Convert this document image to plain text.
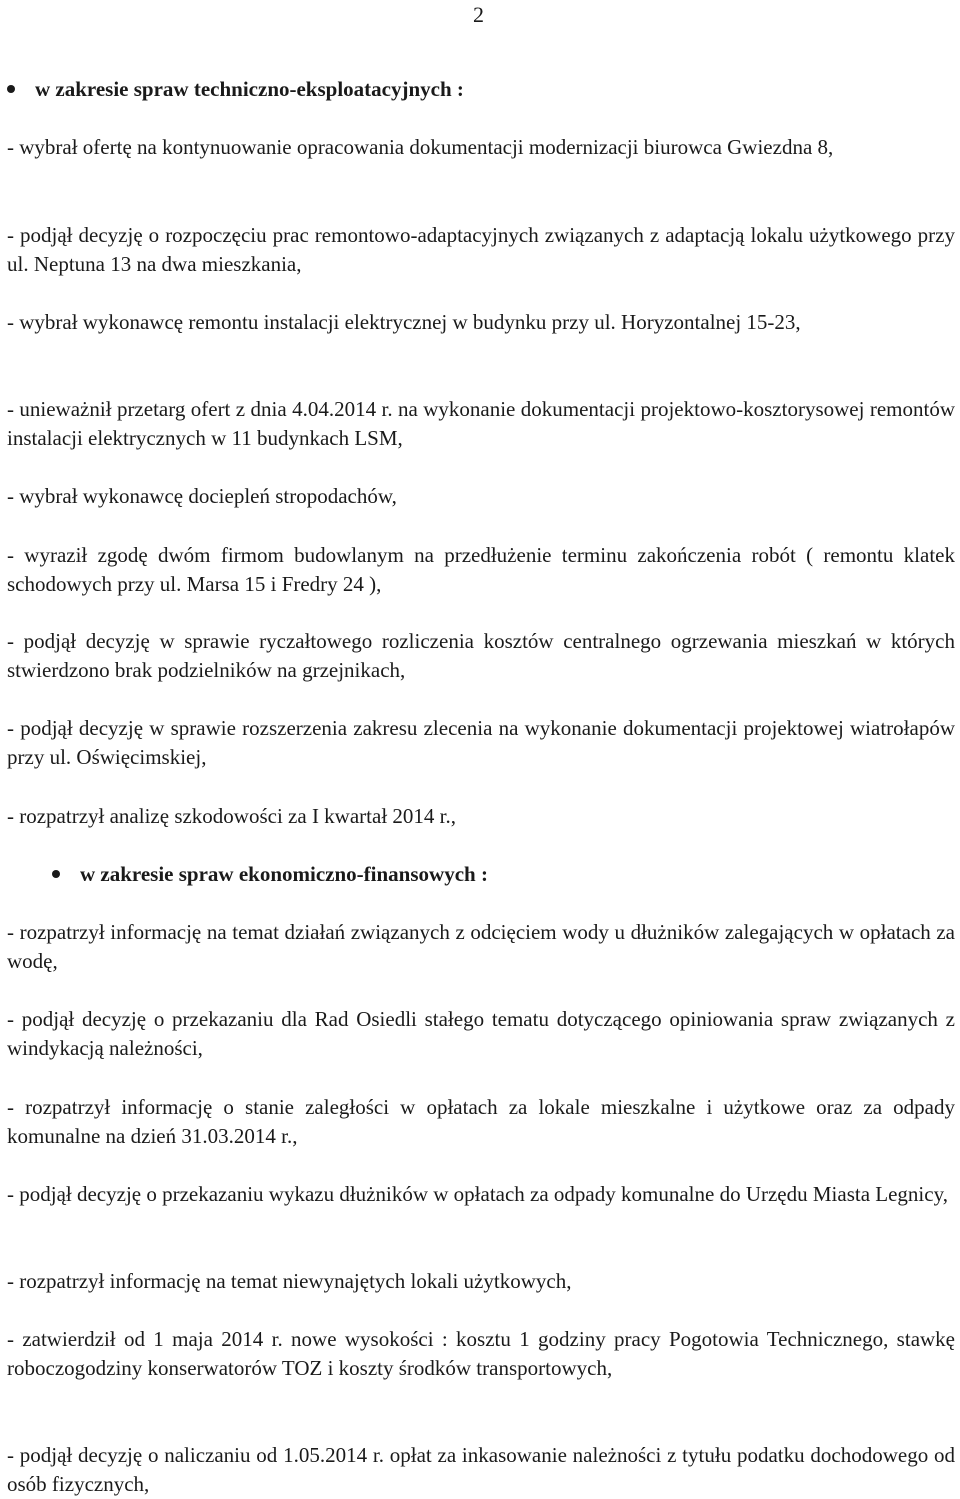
2
w zakresie spraw techniczno-eksploatacyjnych :
- wybrał ofertę na kontynuowanie opracowania dokumentacji modernizacji biurowca Gwiezdna 8,
- podjął decyzję o rozpoczęciu prac remontowo-adaptacyjnych związanych z adaptacją lokalu użytkowego przy ul. Neptuna 13 na dwa mieszkania,
- wybrał wykonawcę remontu instalacji elektrycznej w budynku przy ul. Horyzontalnej 15-23,
- unieważnił przetarg ofert z dnia 4.04.2014 r. na wykonanie dokumentacji projektowo-kosztorysowej remontów instalacji elektrycznych w 11 budynkach LSM,
- wybrał wykonawcę dociepleń stropodachów,
- wyraził zgodę dwóm firmom budowlanym na przedłużenie terminu zakończenia robót ( remontu klatek schodowych przy ul. Marsa 15 i Fredry 24 ),
- podjął decyzję w sprawie ryczałtowego rozliczenia kosztów centralnego ogrzewania mieszkań w których stwierdzono brak podzielników na grzejnikach,
- podjął decyzję w sprawie rozszerzenia zakresu zlecenia na wykonanie dokumentacji projektowej wiatrołapów przy ul. Oświęcimskiej,
- rozpatrzył analizę szkodowości za I kwartał 2014 r.,
w zakresie spraw ekonomiczno-finansowych :
- rozpatrzył informację na temat działań związanych z odcięciem wody u dłużników zalegających w opłatach za wodę,
- podjął decyzję o przekazaniu dla Rad Osiedli stałego tematu dotyczącego opiniowania spraw związanych z windykacją należności,
- rozpatrzył informację o stanie zaległości w opłatach za lokale mieszkalne i użytkowe oraz za odpady komunalne na dzień 31.03.2014 r.,
- podjął decyzję o przekazaniu wykazu dłużników w opłatach za odpady komunalne do Urzędu Miasta Legnicy,
- rozpatrzył informację na temat niewynajętych lokali użytkowych,
- zatwierdził od 1 maja 2014 r. nowe wysokości : kosztu 1 godziny pracy Pogotowia Technicznego, stawkę roboczogodziny konserwatorów TOZ i koszty środków transportowych,
- podjął decyzję o naliczaniu od 1.05.2014 r. opłat za inkasowanie należności z tytułu podatku dochodowego od osób fizycznych,
